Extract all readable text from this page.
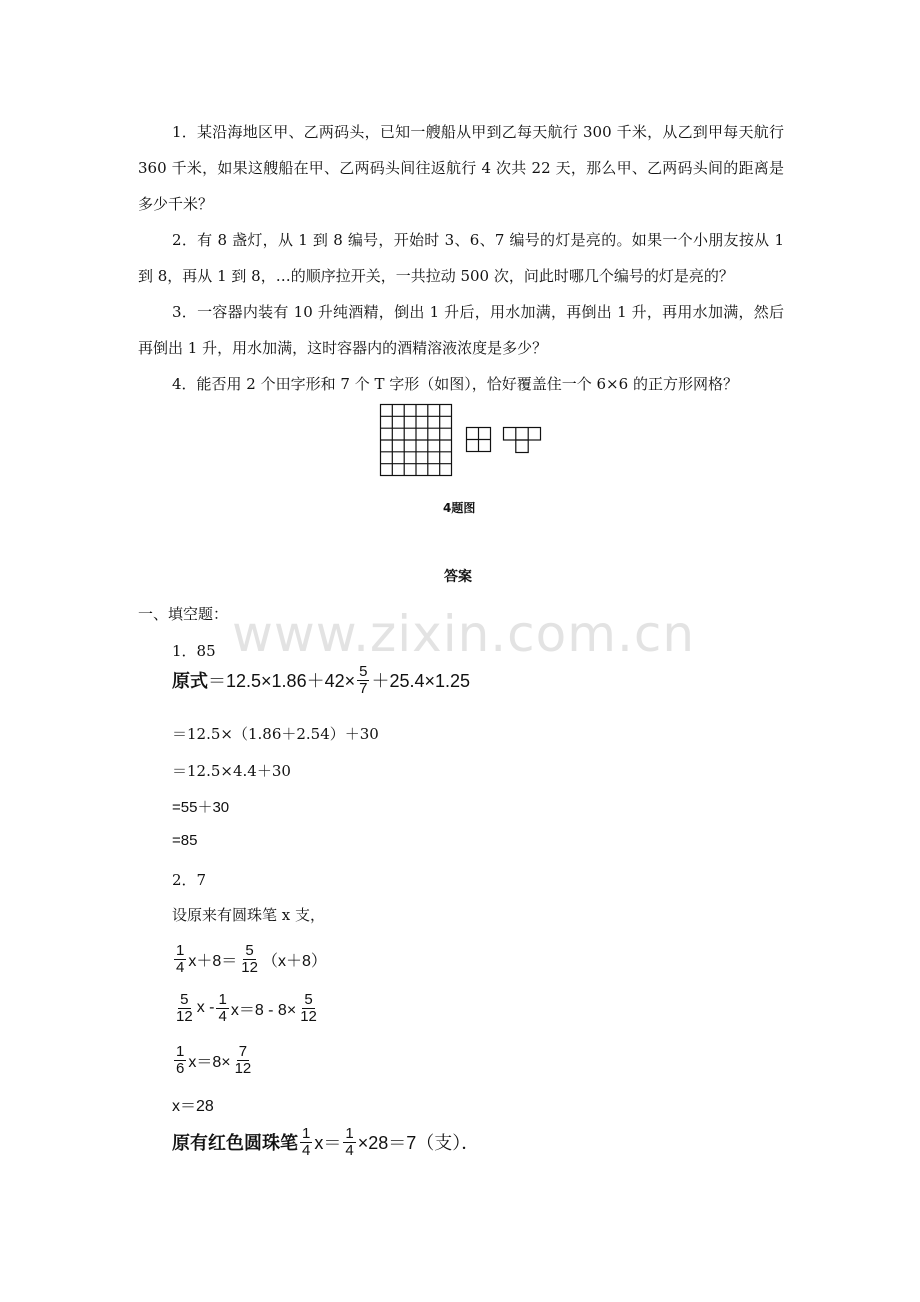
1．某沿海地区甲、乙两码头，已知一艘船从甲到乙每天航行 300 千米，从乙到甲每天航行 360 千米，如果这艘船在甲、乙两码头间往返航行 4 次共 22 天，那么甲、乙两码头间的距离是多少千米？

2．有 8 盏灯，从 1 到 8 编号，开始时 3、6、7 编号的灯是亮的。如果一个小朋友按从 1 到 8，再从 1 到 8，…的顺序拉开关，一共拉动 500 次，问此时哪几个编号的灯是亮的？

3．一容器内装有 10 升纯酒精，倒出 1 升后，用水加满，再倒出 1 升，再用水加满，然后再倒出 1 升，用水加满，这时容器内的酒精溶液浓度是多少？

4．能否用 2 个田字形和 7 个 T 字形（如图），恰好覆盖住一个 6×6 的正方形网格？

4题图
答案
一、填空题： www.zixin.com.cn
1．85
原式 $=12.5\times 1.86+42\times \frac{5}{7} +25.4\times 1.25$
＝12.5×（1.86＋2.54）＋30
＝12.5×4.4＋30
=55＋30
=85
2．7
设原来有圆珠笔 x 支，
$\frac{1}{4} x+8= \frac{5}{12} (x+8)$
$\frac{5}{12}$ $x - \frac{1}{4} x=8 - 8\times \frac{5}{12}$
$\frac{1}{6} x=8\times \frac{7}{12}$
x＝28
原有红色圆珠笔 $\frac{1}{4} x= \frac{1}{4} \times 28=7$（支）．
